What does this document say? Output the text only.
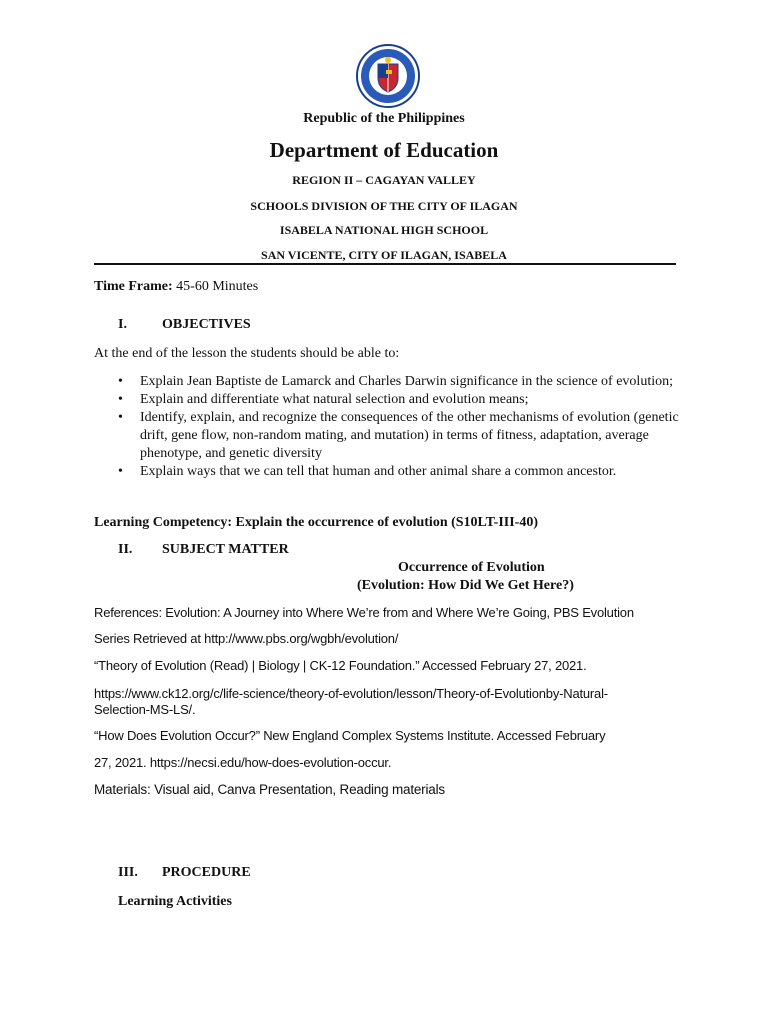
Republic of the Philippines
Department of Education
REGION II – CAGAYAN VALLEY
SCHOOLS DIVISION OF THE CITY OF ILAGAN
ISABELA NATIONAL HIGH SCHOOL
SAN VICENTE, CITY OF ILAGAN, ISABELA
Time Frame: 45-60 Minutes
I.	OBJECTIVES
At the end of the lesson the students should be able to:
• Explain Jean Baptiste de Lamarck and Charles Darwin significance in the science of evolution;
• Explain and differentiate what natural selection and evolution means;
• Identify, explain, and recognize the consequences of the other mechanisms of evolution (genetic drift, gene flow, non-random mating, and mutation) in terms of fitness, adaptation, average phenotype, and genetic diversity
• Explain ways that we can tell that human and other animal share a common ancestor.
Learning Competency: Explain the occurrence of evolution (S10LT-III-40)
II. SUBJECT MATTER
Occurrence of Evolution
(Evolution: How Did We Get Here?)
References: Evolution: A Journey into Where We’re from and Where We’re Going, PBS Evolution
Series Retrieved at http://www.pbs.org/wgbh/evolution/
“Theory of Evolution (Read) | Biology | CK-12 Foundation.” Accessed February 27, 2021.
https://www.ck12.org/c/life-science/theory-of-evolution/lesson/Theory-of-Evolutionby-Natural-
Selection-MS-LS/.
“How Does Evolution Occur?” New England Complex Systems Institute. Accessed February
27, 2021. https://necsi.edu/how-does-evolution-occur.
Materials: Visual aid, Canva Presentation, Reading materials
III. PROCEDURE
Learning Activities
